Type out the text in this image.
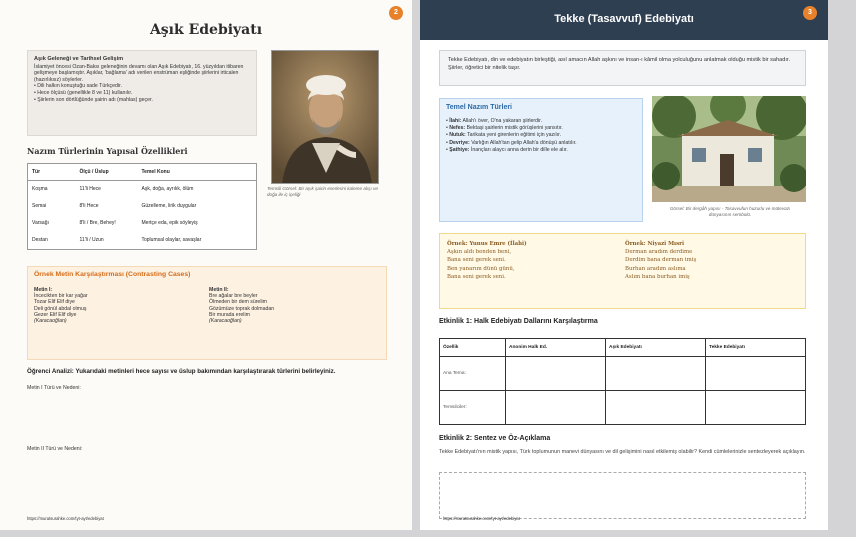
2
Aşık Edebiyatı
Aşık Geleneği ve Tarihsel Gelişim
İslamiyet öncesi Ozan-Baksı geleneğinin devamı olan Aşık Edebiyatı, 16. yüzyıldan itibaren gelişmeye başlamıştır. Aşıklar, 'bağlama' adı verilen enstrüman eşliğinde şiirlerini irticalen (hazırlıksız) söylerler.
• Dili halkın konuştuğu sade Türkçedir.
• Hece ölçüsü (genellikle 8 ve 11) kullanılır.
• Şiirlerin son dörtlüğünde şairin adı (mahlas) geçer.
Temsili Görsel: Bir aşık şairin eserlerini kaleme alışı ve doğa ile iç içeliği
Nazım Türlerinin Yapısal Özellikleri
Tür	Ölçü / Üslup	Temel Konu
Koşma	11'li Hece	Aşk, doğa, ayrılık, ölüm
Semai	8'li Hece	Güzelleme, lirik duygular
Varsağı	8'li / Bre, Behey!	Mertçe eda, epik söyleyiş
Destan	11'li / Uzun	Toplumsal olaylar, savaşlar
Örnek Metin Karşılaştırması (Contrasting Cases)
Metin I:
İncecikten bir kar yağar
Tozar Elif Elif diye
Deli gönül abdal olmuş
Gezer Elif Elif diye
(Karacaoğlan)
Metin II:
Bre ağalar bre beyler
Ölmeden bir dem sürelim
Gözümüze toprak dolmadan
Bir murada erelim
(Karacaoğlan)
Öğrenci Analizi: Yukarıdaki metinleri hece sayısı ve üslup bakımından karşılaştırarak türlerini belirleyiniz.
Metin I Türü ve Nedeni:
Metin II Türü ve Nedeni:
https://muratsurahke.com/tyt-ayt/edebiyat
Tekke (Tasavvuf) Edebiyatı
3
Tekke Edebiyatı, din ve edebiyatın birleştiği, asıl amacın Allah aşkını ve insan-ı kâmil olma yolculuğunu anlatmak olduğu mistik bir sahadır. Şiirler, öğretici bir nitelik taşır.
Temel Nazım Türleri
• İlahi: Allah'ı över, O'na yakaran şiirlerdir.
• Nefes: Bektaşi şairlerin mistik görüşlerini yansıtır.
• Nutuk: Tarikata yeni girenlerin eğitimi için yazılır.
• Devriye: Varlığın Allah'tan gelip Allah'a dönüşü anlatılır.
• Şathiye: İnançları alaycı anna derin bir dille ele alır.
Görsel: Bir dergâh yapısı - Tasavvufun huzurlu ve mütevazı dünyasının sembolü.
Örnek: Yunus Emre (İlahi)
Aşkın aldı benden beni,
Bana seni gerek seni.
Ben yanarım dünü günü,
Bana seni gerek seni.
Örnek: Niyazi Mısri
Derman aradım derdime
Derdim bana derman imiş
Burhan aradım aslıma
Aslım bana burhan imiş
Etkinlik 1: Halk Edebiyatı Dallarını Karşılaştırma
Özellik	Anonim Halk Ed.	Aşık Edebiyatı	Tekke Edebiyatı
Ana Tema:			
Temsilciler:			
Etkinlik 2: Sentez ve Öz-Açıklama
Tekke Edebiyatı'nın mistik yapısı, Türk toplumunun manevi dünyasını ve dil gelişimini nasıl etkilemiş olabilir? Kendi cümlelerinizle sentezleyerek açıklayın.
https://muratsurahke.com/tyt-ayt/edebiyat
